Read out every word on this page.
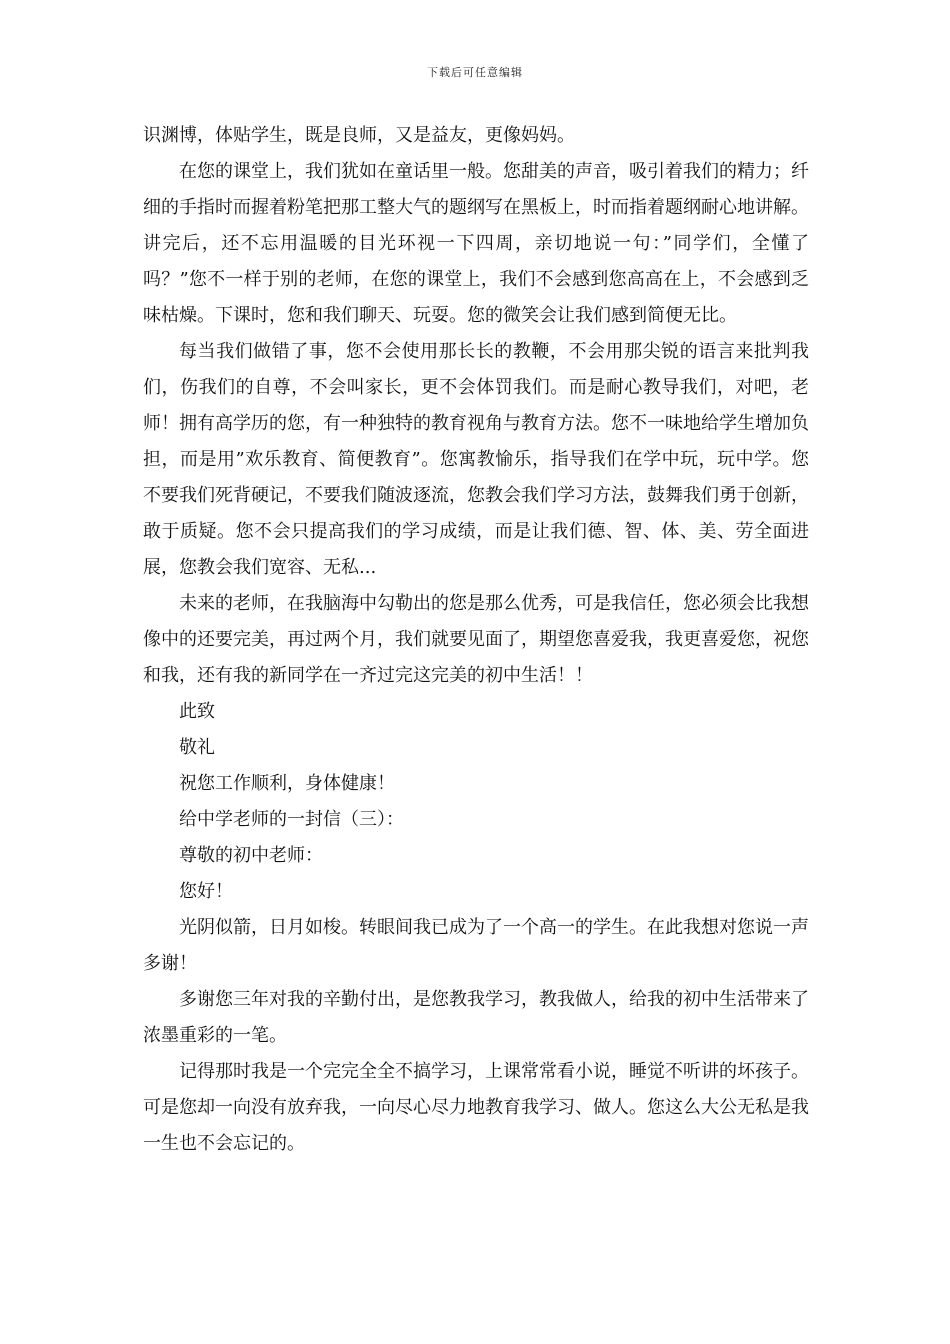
下载后可任意编辑

识渊博，体贴学生，既是良师，又是益友，更像妈妈。

在您的课堂上，我们犹如在童话里一般。您甜美的声音，吸引着我们的精力；纤细的手指时而握着粉笔把那工整大气的题纲写在黑板上，时而指着题纲耐心地讲解。讲完后，还不忘用温暖的目光环视一下四周，亲切地说一句：”同学们，全懂了吗？”您不一样于别的老师，在您的课堂上，我们不会感到您高高在上，不会感到乏味枯燥。下课时，您和我们聊天、玩耍。您的微笑会让我们感到简便无比。

每当我们做错了事，您不会使用那长长的教鞭，不会用那尖锐的语言来批判我们，伤我们的自尊，不会叫家长，更不会体罚我们。而是耐心教导我们，对吧，老师！拥有高学历的您，有一种独特的教育视角与教育方法。您不一味地给学生增加负担，而是用”欢乐教育、简便教育”。您寓教愉乐，指导我们在学中玩，玩中学。您不要我们死背硬记，不要我们随波逐流，您教会我们学习方法，鼓舞我们勇于创新，敢于质疑。您不会只提高我们的学习成绩，而是让我们德、智、体、美、劳全面进展，您教会我们宽容、无私...

未来的老师，在我脑海中勾勒出的您是那么优秀，可是我信任，您必须会比我想像中的还要完美，再过两个月，我们就要见面了，期望您喜爱我，我更喜爱您，祝您和我，还有我的新同学在一齐过完这完美的初中生活！！

此致

敬礼

祝您工作顺利，身体健康！

给中学老师的一封信（三）：

尊敬的初中老师：

您好！

光阴似箭，日月如梭。转眼间我已成为了一个高一的学生。在此我想对您说一声多谢！

多谢您三年对我的辛勤付出，是您教我学习，教我做人，给我的初中生活带来了浓墨重彩的一笔。

记得那时我是一个完完全全不搞学习，上课常常看小说，睡觉不听讲的坏孩子。可是您却一向没有放弃我，一向尽心尽力地教育我学习、做人。您这么大公无私是我一生也不会忘记的。
